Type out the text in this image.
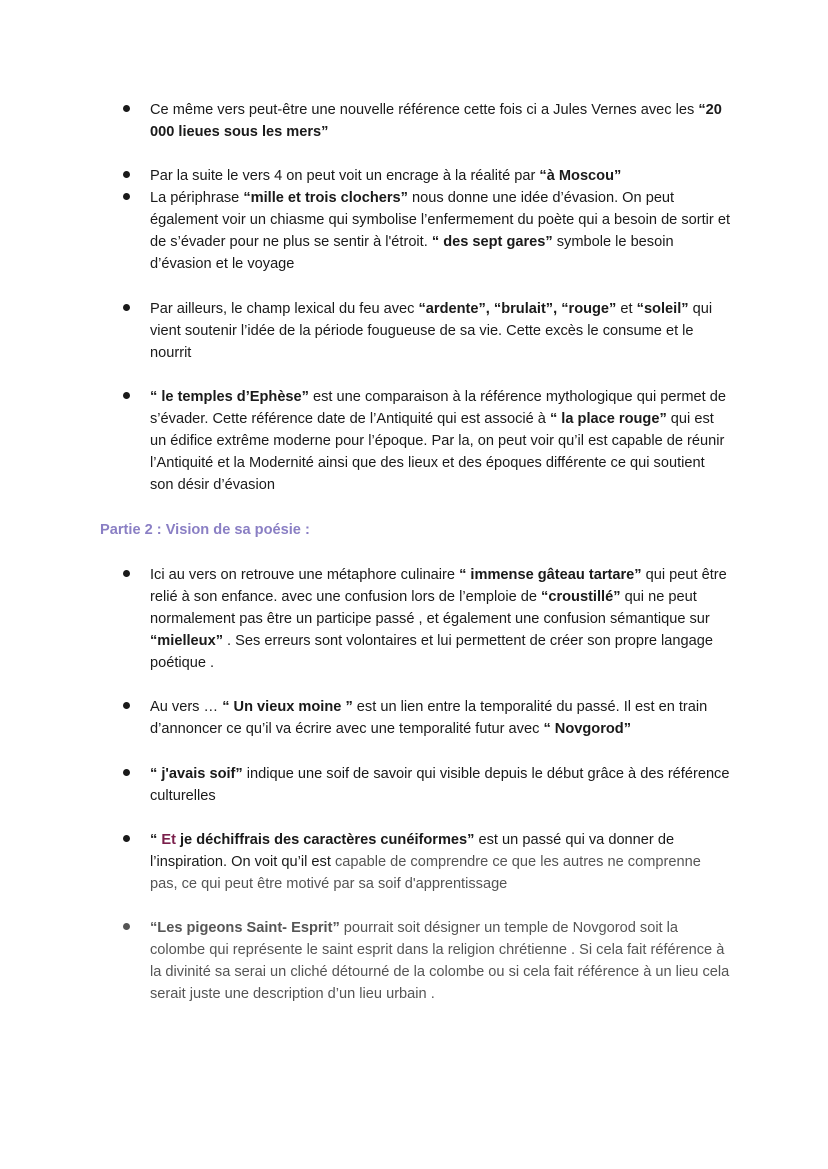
Ce même vers peut-être une nouvelle référence cette fois ci a Jules Vernes avec les “20 000 lieues sous les mers”

Par la suite le vers 4 on peut voit un encrage à la réalité par “à Moscou”

La périphrase “mille et trois clochers” nous donne une idée d’évasion. On peut également voir un chiasme qui symbolise l’enfermement du poète qui a besoin de sortir et de s’évader pour ne plus se sentir à l'étroit. “ des sept gares” symbole le besoin d’évasion et le voyage

Par ailleurs, le champ lexical du feu avec “ardente”, “brulait”, “rouge” et “soleil” qui vient soutenir l’idée de la période fougueuse de sa vie. Cette excès le consume et le nourrit

“ le temples d’Ephèse” est une comparaison à la référence mythologique qui permet de s’évader. Cette référence date de l’Antiquité qui est associé à “ la place rouge” qui est un édifice extrême moderne pour l’époque. Par la, on peut voir qu’il est capable de réunir l’Antiquité et la Modernité ainsi que des lieux et des époques différente ce qui soutient son désir d’évasion

Partie 2 : Vision de sa poésie :

Ici au vers on retrouve une métaphore culinaire “ immense gâteau tartare” qui peut être relié à son enfance. avec une confusion lors de l’emploie de “croustillé” qui ne peut normalement pas être un participe passé , et également une confusion sémantique sur “mielleux” . Ses erreurs sont volontaires et lui permettent de créer son propre langage poétique .

Au vers … “ Un vieux moine ” est un lien entre la temporalité du passé. Il est en train d’annoncer ce qu’il va écrire avec une temporalité futur avec “ Novgorod”

“ j'avais soif” indique une soif de savoir qui visible depuis le début grâce à des référence culturelles

“ Et je déchiffrais des caractères cunéiformes” est un passé qui va donner de l’inspiration. On voit qu’il est capable de comprendre ce que les autres ne comprenne pas, ce qui peut être motivé par sa soif d'apprentissage

“Les pigeons Saint- Esprit” pourrait soit désigner un temple de Novgorod soit la colombe qui représente le saint esprit dans la religion chrétienne . Si cela fait référence à la divinité sa serai un cliché détourné de la colombe ou si cela fait référence à un lieu cela serait juste une description d’un lieu urbain .
